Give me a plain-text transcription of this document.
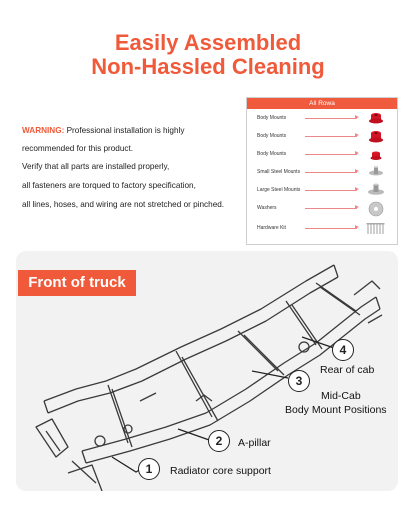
Easily Assembled
Non-Hassled Cleaning
WARNING: Professional installation is highly
recommended for this product.
Verify that all parts are installed properly,
all fasteners are torqued to factory specification,
all lines, hoses, and wiring are not stretched or pinched.
All Rowa
Body Mounts
Body Mounts
Body Mounts
Small Steel Mounts
Large Steel Mounts
Washers
Hardware Kit
Front of truck
1	Radiator core support
2	A-pillar
3
Mid-Cab
Body Mount Positions
4
Rear of cab
